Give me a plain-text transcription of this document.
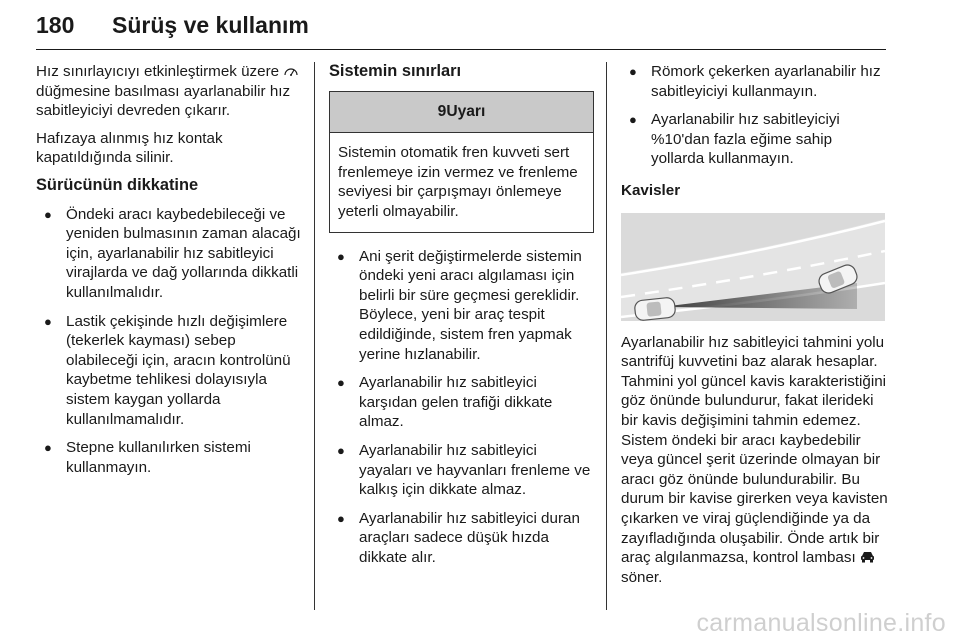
180 Sürüş ve kullanım

Hız sınırlayıcıyı etkinleştirmek üzere  düğmesine basılması ayarlanabilir hız sabitleyiciyi devreden çıkarır.

Hafızaya alınmış hız kontak kapatıldığında silinir.

Sürücünün dikkatine
● Öndeki aracı kaybedebileceği ve yeniden bulmasının zaman alacağı için, ayarlanabilir hız sabitleyici virajlarda ve dağ yollarında dikkatli kullanılmalıdır.
● Lastik çekişinde hızlı değişimlere (tekerlek kayması) sebep olabileceği için, aracın kontrolünü kaybetme tehlikesi dolayısıyla sistem kaygan yollarda kullanılmamalıdır.
● Stepne kullanılırken sistemi kullanmayın.
Sistemin sınırları
9Uyarı
Sistemin otomatik fren kuvveti sert frenlemeye izin vermez ve frenleme seviyesi bir çarpışmayı önlemeye yeterli olmayabilir.
● Ani şerit değiştirmelerde sistemin öndeki yeni aracı algılaması için belirli bir süre geçmesi gereklidir. Böylece, yeni bir araç tespit edildiğinde, sistem fren yapmak yerine hızlanabilir.
● Ayarlanabilir hız sabitleyici karşıdan gelen trafiği dikkate almaz.
● Ayarlanabilir hız sabitleyici yayaları ve hayvanları frenleme ve kalkış için dikkate almaz.
● Ayarlanabilir hız sabitleyici duran araçları sadece düşük hızda dikkate alır.
● Römork çekerken ayarlanabilir hız sabitleyiciyi kullanmayın.
● Ayarlanabilir hız sabitleyiciyi %10'dan fazla eğime sahip yollarda kullanmayın.
Kavisler

Ayarlanabilir hız sabitleyici tahmini yolu santrifüj kuvvetini baz alarak hesaplar. Tahmini yol güncel kavis karakteristiğini göz önünde bulundurur, fakat ilerideki bir kavis değişimini tahmin edemez. Sistem öndeki bir aracı kaybedebilir veya güncel şerit üzerinde olmayan bir aracı göz önünde bulundurabilir. Bu durum bir kavise girerken veya kavisten çıkarken ve viraj güçlendiğinde ya da zayıfladığında oluşabilir. Önde artık bir araç algılanmazsa, kontrol lambası  söner.

carmanualsonline.info
